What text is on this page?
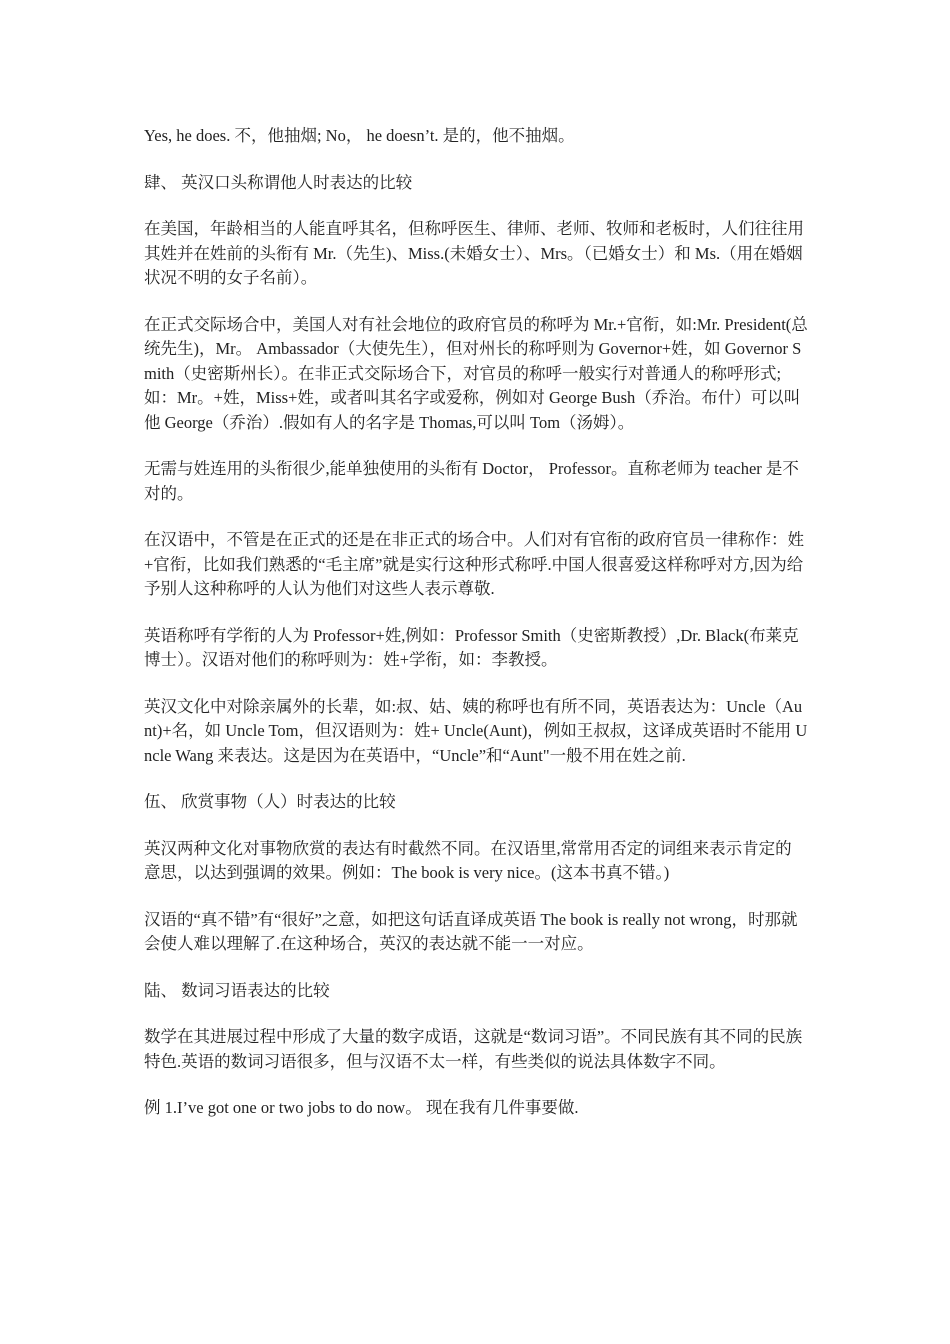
Yes, he does. 不，他抽烟; No， he doesn’t. 是的，他不抽烟。

肆、 英汉口头称谓他人时表达的比较

在美国，年龄相当的人能直呼其名，但称呼医生、律师、老师、牧师和老板时，人们往往用其姓并在姓前的头衔有 Mr.（先生)、Miss.(未婚女士）、Mrs。（已婚女士）和 Ms.（用在婚姻状况不明的女子名前）。

在正式交际场合中，美国人对有社会地位的政府官员的称呼为 Mr.+官衔，如:Mr. President(总统先生)，Mr。 Ambassador（大使先生），但对州长的称呼则为 Governor+姓，如 Governor Smith（史密斯州长）。在非正式交际场合下，对官员的称呼一般实行对普通人的称呼形式;如：Mr。+姓，Miss+姓，或者叫其名字或爱称，例如对 George Bush（乔治。布什）可以叫他 George（乔治）.假如有人的名字是 Thomas,可以叫 Tom（汤姆）。

无需与姓连用的头衔很少,能单独使用的头衔有 Doctor， Professor。直称老师为 teacher 是不对的。

在汉语中，不管是在正式的还是在非正式的场合中。人们对有官衔的政府官员一律称作：姓+官衔，比如我们熟悉的“毛主席”就是实行这种形式称呼.中国人很喜爱这样称呼对方,因为给予别人这种称呼的人认为他们对这些人表示尊敬.

英语称呼有学衔的人为 Professor+姓,例如：Professor Smith（史密斯教授）,Dr. Black(布莱克博士）。汉语对他们的称呼则为：姓+学衔，如：李教授。

英汉文化中对除亲属外的长辈，如:叔、姑、姨的称呼也有所不同，英语表达为：Uncle（Aunt)+名，如 Uncle Tom，但汉语则为：姓+ Uncle(Aunt)，例如王叔叔，这译成英语时不能用 Uncle Wang 来表达。这是因为在英语中，“Uncle”和“Aunt"一般不用在姓之前.

伍、 欣赏事物（人）时表达的比较

英汉两种文化对事物欣赏的表达有时截然不同。在汉语里,常常用否定的词组来表示肯定的意思，以达到强调的效果。例如：The book is very nice。(这本书真不错。)

汉语的“真不错”有“很好”之意，如把这句话直译成英语 The book is really not wrong，时那就会使人难以理解了.在这种场合，英汉的表达就不能一一对应。

陆、 数词习语表达的比较

数学在其进展过程中形成了大量的数字成语，这就是“数词习语”。不同民族有其不同的民族特色.英语的数词习语很多，但与汉语不太一样，有些类似的说法具体数字不同。

例 1.I’ve got one or two jobs to do now。 现在我有几件事要做.
